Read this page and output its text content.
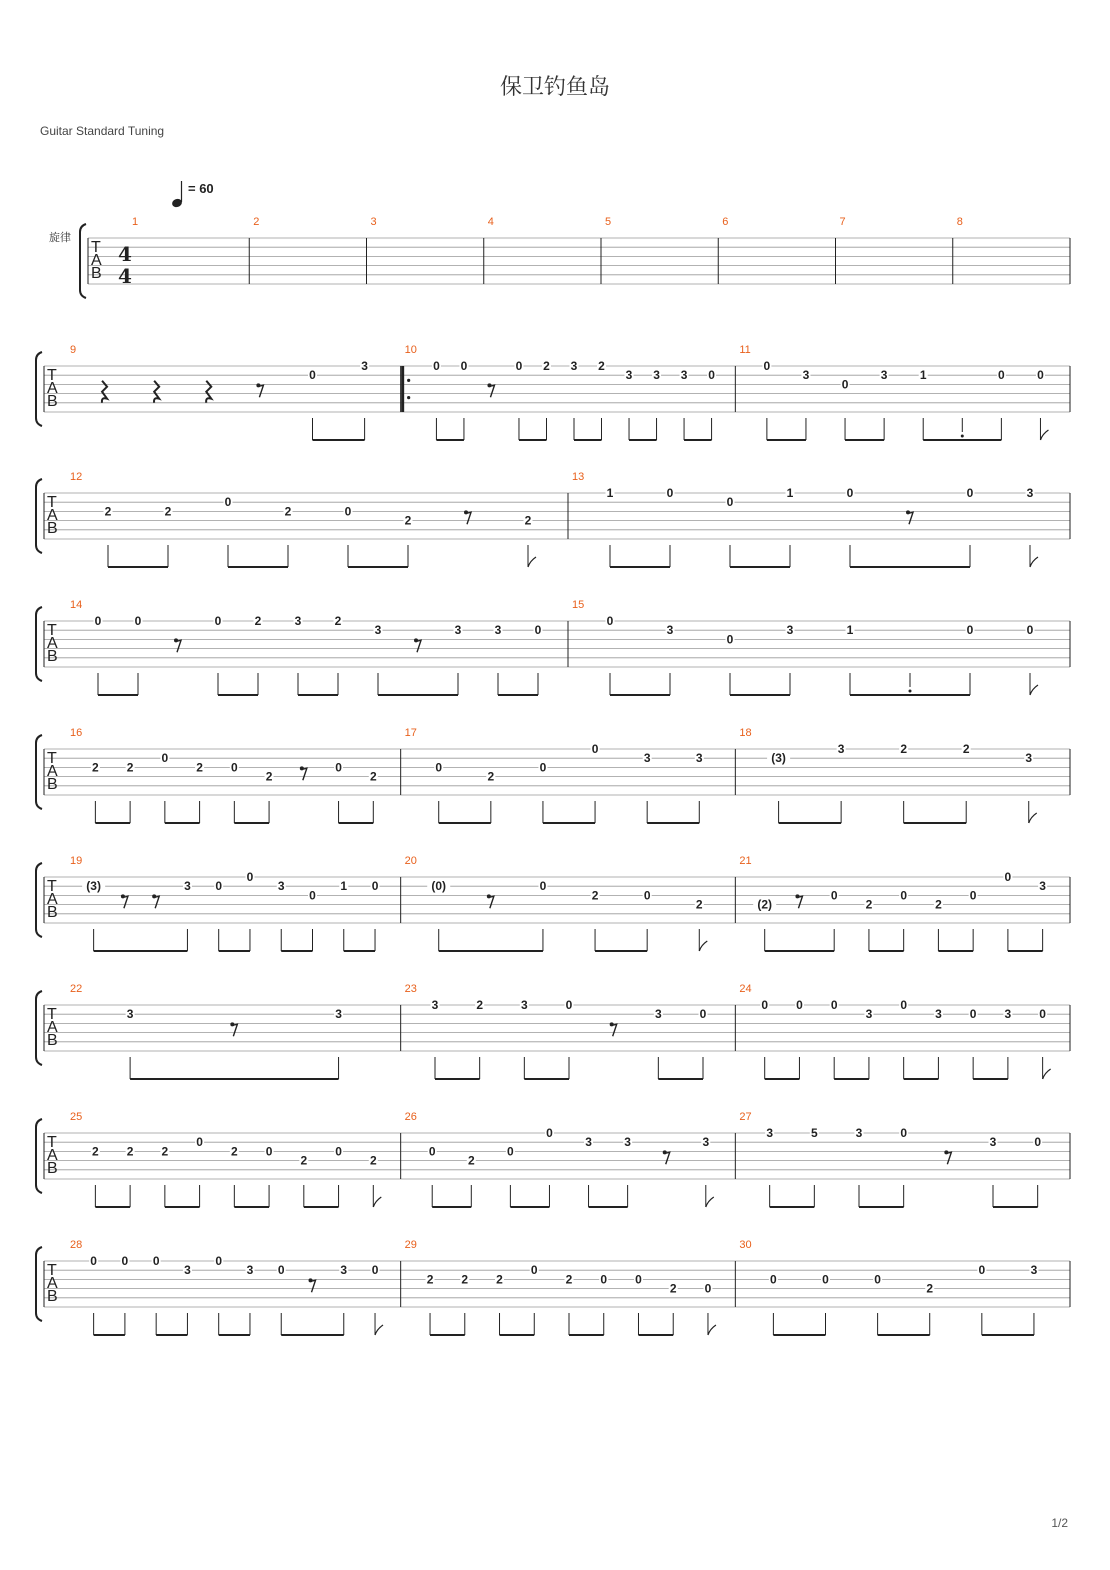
保卫钓鱼岛
Guitar Standard Tuning
1/2
= 60
旋律
T
A
B
4
4
1	2	3	4	5	6	7	8
T
A
B
9
0
3
10
0 0	0 2 3 2
3 3 3 0
11
0
3
0
3	1	0	0
T
A
B
12
2	2
0
2	0
2	2
13
1	0
0
1	0	0	3
T
A
B
14
0	0	0	2	3	2
3	3	3	0
15
0
3
0
3	1	0	0
T
A
B
16
2 2
0
2 0
2
0
2
17
0
2
0
0
3	3
18
(3)
3	2	2
3
T
A
B
19
(3)	3 0
0
3
0
1 0
20
(0)	0
2	0
2
21
(2)
0
2
0
2
0
0
3
T
A
B
22
3	3
23
3	2	3	0
3	0
24
0 0 0
3
0
3 0 3 0
T
A
B
25
2 2 2
0
2 0
2
0
2
26
0
2
0
0
3	3	3
27
3	5	3	0
3	0
T
A
B
28
0 0 0
3
0
3 0	3 0
29
2 2 2
0
2 0 0
2 0
30
0	0	0
2
0	3
